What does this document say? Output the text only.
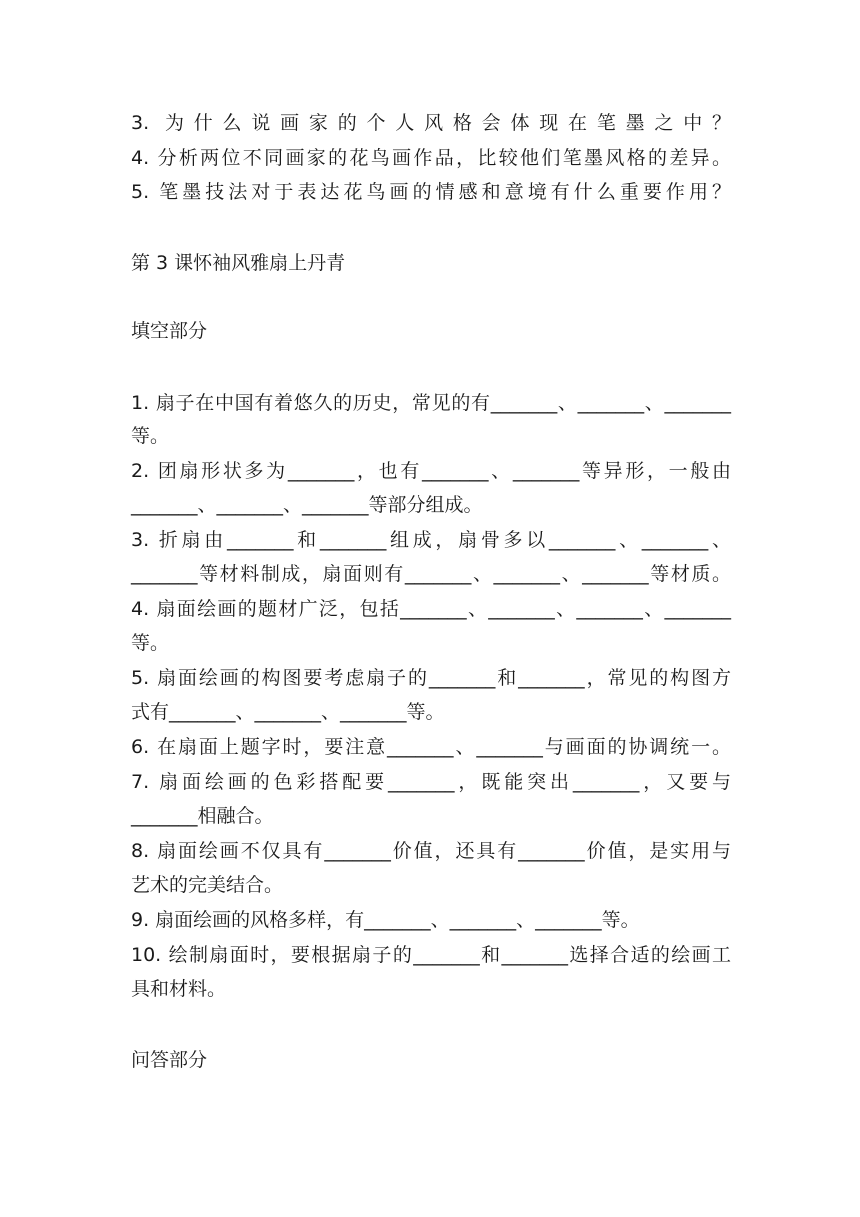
3. 为什么说画家的个人风格会体现在笔墨之中？
4. 分析两位不同画家的花鸟画作品，比较他们笔墨风格的差异。
5. 笔墨技法对于表达花鸟画的情感和意境有什么重要作用？
第 3 课怀袖风雅扇上丹青
填空部分
1. 扇子在中国有着悠久的历史，常见的有_______、_______、_______
等。
2. 团扇形状多为_______，也有_______、_______等异形，一般由
_______、_______、_______等部分组成。
3. 折扇由_______和_______组成，扇骨多以_______、_______、
_______等材料制成，扇面则有_______、_______、_______等材质。
4. 扇面绘画的题材广泛，包括_______、_______、_______、_______
等。
5. 扇面绘画的构图要考虑扇子的_______和_______，常见的构图方
式有_______、_______、_______等。
6. 在扇面上题字时，要注意_______、_______与画面的协调统一。
7. 扇面绘画的色彩搭配要_______，既能突出_______，又要与
_______相融合。
8. 扇面绘画不仅具有_______价值，还具有_______价值，是实用与
艺术的完美结合。
9. 扇面绘画的风格多样，有_______、_______、_______等。
10. 绘制扇面时，要根据扇子的_______和_______选择合适的绘画工
具和材料。
问答部分
